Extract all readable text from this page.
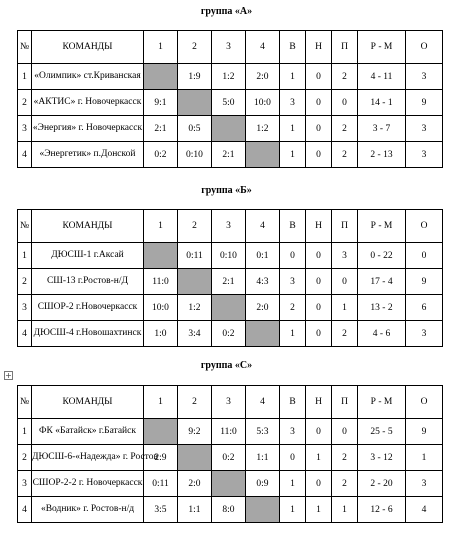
+
группа «А»
№	КОМАНДЫ	1	2	3	4	В	Н	П	Р - М	О
1	«Олимпик» ст.Криванская		1:9	1:2	2:0	1	0	2	4 - 11	3
2	«АКТИС» г. Новочеркасск	9:1		5:0	10:0	3	0	0	14 - 1	9
3	«Энергия» г. Новочеркасск	2:1	0:5		1:2	1	0	2	3 - 7	3
4	«Энергетик» п.Донской	0:2	0:10	2:1		1	0	2	2 - 13	3
группа «Б»
№	КОМАНДЫ	1	2	3	4	В	Н	П	Р - М	О
1	ДЮСШ-1 г.Аксай		0:11	0:10	0:1	0	0	3	0 - 22	0
2	СШ-13 г.Ростов-н/Д	11:0		2:1	4:3	3	0	0	17 - 4	9
3	СШОР-2 г.Новочеркасск	10:0	1:2		2:0	2	0	1	13 - 2	6
4	ДЮСШ-4 г.Новошахтинск	1:0	3:4	0:2		1	0	2	4 - 6	3
группа «С»
№	КОМАНДЫ	1	2	3	4	В	Н	П	Р - М	О
1	ФК «Батайск» г.Батайск		9:2	11:0	5:3	3	0	0	25 - 5	9
2	ДЮСШ-6-«Надежда» г. Ростов	2:9		0:2	1:1	0	1	2	3 - 12	1
3	СШОР-2-2 г. Новочеркасск	0:11	2:0		0:9	1	0	2	2 - 20	3
4	«Водник» г. Ростов-н/д	3:5	1:1	8:0		1	1	1	12 - 6	4
